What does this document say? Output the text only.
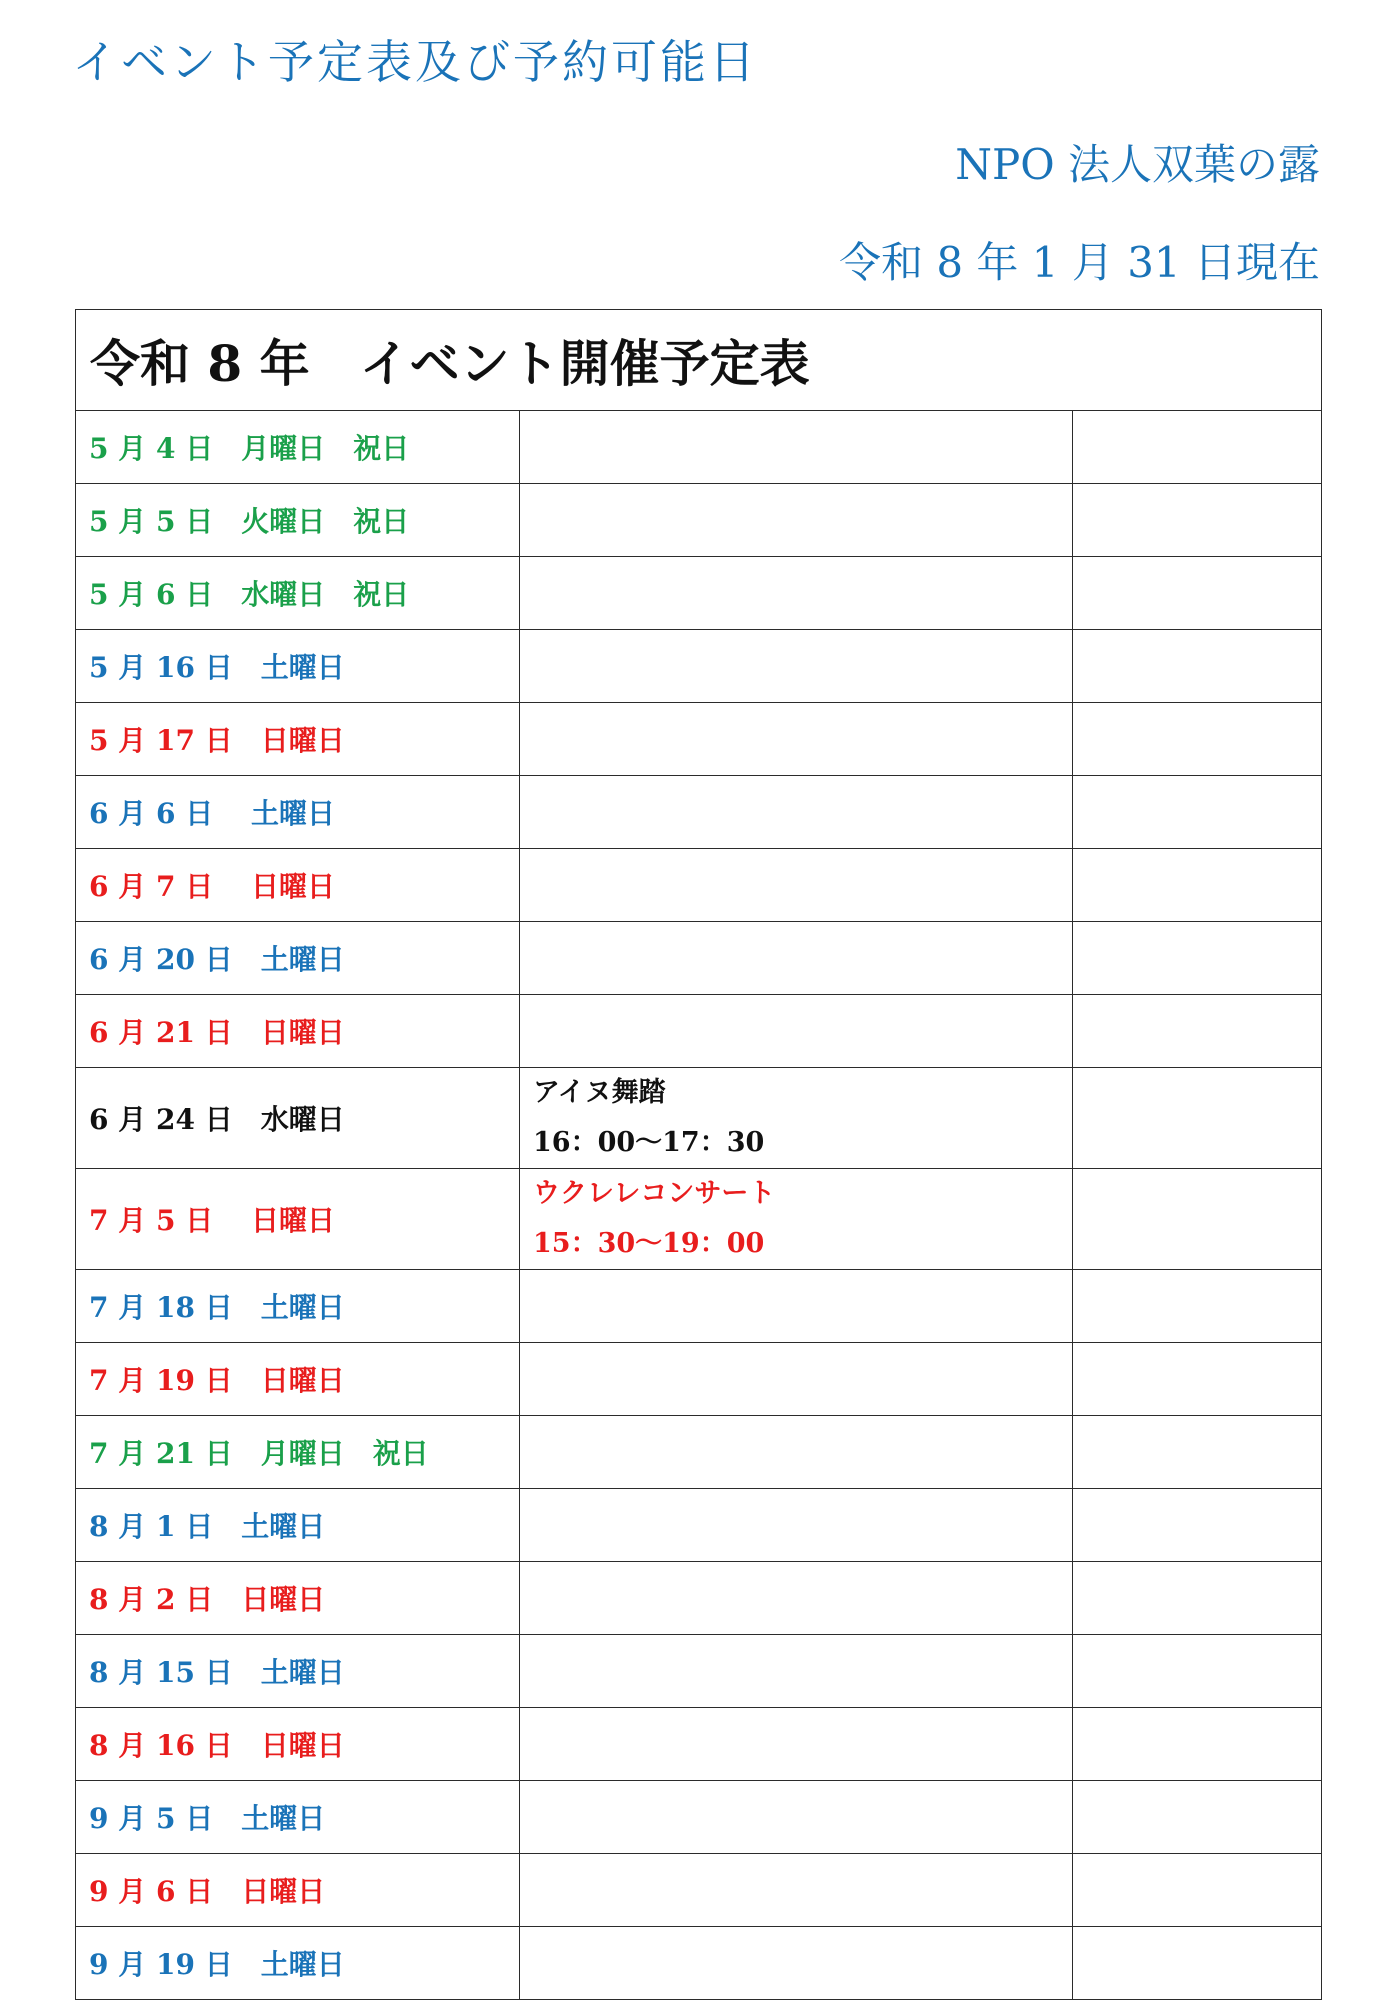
イベント予定表及び予約可能日
NPO 法人双葉の露
令和 8 年 1 月 31 日現在
令和 8 年　イベント開催予定表		
5 月 4 日　月曜日　祝日		
5 月 5 日　火曜日　祝日		
5 月 6 日　水曜日　祝日		
5 月 16 日　土曜日		
5 月 17 日　日曜日		
6 月 6 日　 土曜日		
6 月 7 日　 日曜日		
6 月 20 日　土曜日		
6 月 21 日　日曜日		
6 月 24 日　水曜日	アイヌ舞踏
16：00～17：30	

7 月 5 日　 日曜日	ウクレレコンサート
15：30～19：00	

7 月 18 日　土曜日		
7 月 19 日　日曜日		
7 月 21 日　月曜日　祝日		
8 月 1 日　土曜日		
8 月 2 日　日曜日		
8 月 15 日　土曜日		
8 月 16 日　日曜日		
9 月 5 日　土曜日		
9 月 6 日　日曜日		
9 月 19 日　土曜日		
